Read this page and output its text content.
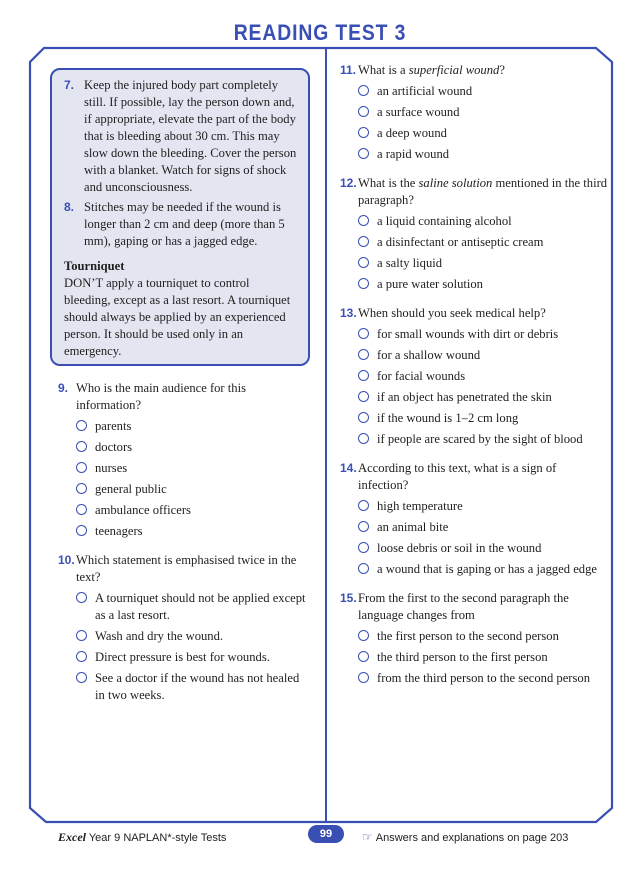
READING TEST 3
7. Keep the injured body part completely still. If possible, lay the person down and, if appropriate, elevate the part of the body that is bleeding about 30 cm. This may slow down the bleeding. Cover the person with a blanket. Watch for signs of shock and unconsciousness.
8. Stitches may be needed if the wound is longer than 2 cm and deep (more than 5 mm), gaping or has a jagged edge.
Tourniquet
DON’T apply a tourniquet to control bleeding, except as a last resort. A tourniquet should always be applied by an experienced person. It should be used only in an emergency.
9. Who is the main audience for this information?
parents
doctors
nurses
general public
ambulance officers
teenagers
10. Which statement is emphasised twice in the text?
A tourniquet should not be applied except as a last resort.
Wash and dry the wound.
Direct pressure is best for wounds.
See a doctor if the wound has not healed in two weeks.
11. What is a superficial wound?
an artificial wound
a surface wound
a deep wound
a rapid wound
12. What is the saline solution mentioned in the third paragraph?
a liquid containing alcohol
a disinfectant or antiseptic cream
a salty liquid
a pure water solution
13. When should you seek medical help?
for small wounds with dirt or debris
for a shallow wound
for facial wounds
if an object has penetrated the skin
if the wound is 1–2 cm long
if people are scared by the sight of blood
14. According to this text, what is a sign of infection?
high temperature
an animal bite
loose debris or soil in the wound
a wound that is gaping or has a jagged edge
15. From the first to the second paragraph the language changes from
the first person to the second person
the third person to the first person
from the third person to the second person
Excel Year 9 NAPLAN*-style Tests	99	☞ Answers and explanations on page 203
